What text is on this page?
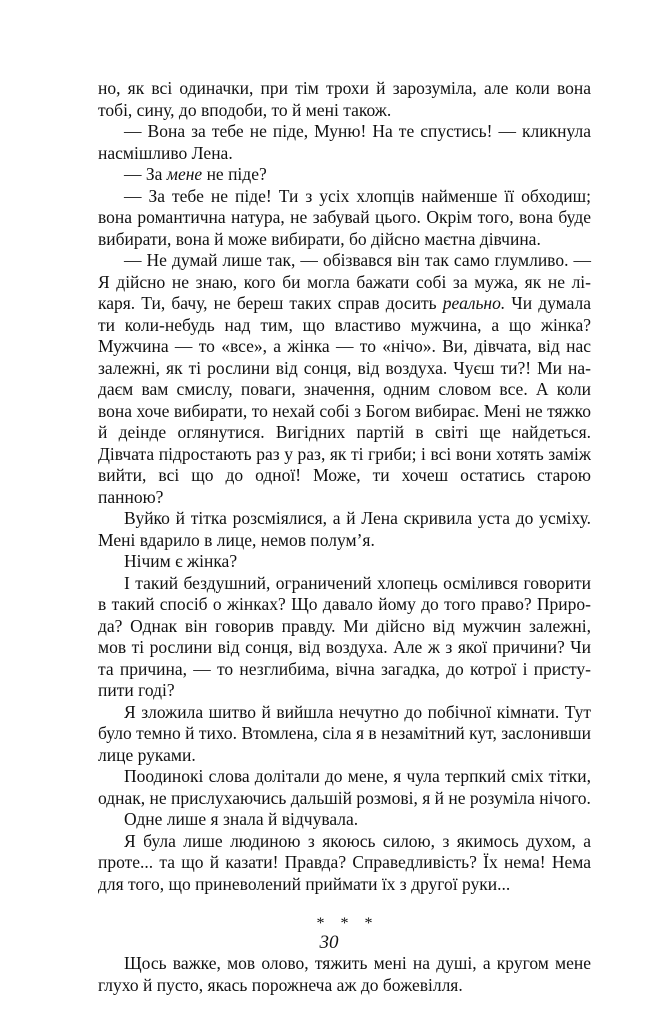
но, як всі одиначки, при тім трохи й зарозуміла, але коли вона тобі, сину, до вподоби, то й мені також.

— Вона за тебе не піде, Муню! На те спустись! — кликнула насмішливо Лена.

— За мене не піде?

— За тебе не піде! Ти з усіх хлопців найменше її обходиш; вона романтична натура, не забувай цього. Окрім того, вона буде вибирати, вона й може вибирати, бо дійсно маєтна дівчина.

— Не думай лише так, — обізвався він так само глумливо. — Я дійсно не знаю, кого би могла бажати собі за мужа, як не лікаря. Ти, бачу, не береш таких справ досить реально. Чи думала ти коли-небудь над тим, що властиво мужчина, а що жінка? Мужчина — то «все», а жінка — то «нічо». Ви, дівчата, від нас залежні, як ті рослини від сонця, від воздуха. Чуєш ти?! Ми надаєм вам смислу, поваги, значення, одним словом все. А коли вона хоче вибирати, то нехай собі з Богом вибирає. Мені не тяжко й деінде оглянутися. Вигідних партій в світі ще найдеться. Дівчата підростають раз у раз, як ті гриби; і всі вони хотять заміж вийти, всі що до одної! Може, ти хочеш остатись старою панною?

Вуйко й тітка розсміялися, а й Лена скривила уста до усміху. Мені вдарило в лице, немов полум’я.

Нічим є жінка?

І такий бездушний, ограничений хлопець осмілився говорити в такий спосіб о жінках? Що давало йому до того право? Природа? Однак він говорив правду. Ми дійсно від мужчин залежні, мов ті рослини від сонця, від воздуха. Але ж з якої причини? Чи та причина, — то незглибима, вічна загадка, до котрої і приступити годі?

Я зложила шитво й вийшла нечутно до побічної кімнати. Тут було темно й тихо. Втомлена, сіла я в незамітний кут, заслонивши лице руками.

Поодинокі слова долітали до мене, я чула терпкий сміх тітки, однак, не прислухаючись дальшій розмові, я й не розуміла нічого.

Одне лише я знала й відчувала.

Я була лише людиною з якоюсь силою, з якимось духом, а проте... та що й казати! Правда? Справедливість? Їх нема! Нема для того, що приневолений приймати їх з другої руки...

* * *

Щось важке, мов олово, тяжить мені на душі, а кругом мене глухо й пусто, якась порожнеча аж до божевілля.

30
